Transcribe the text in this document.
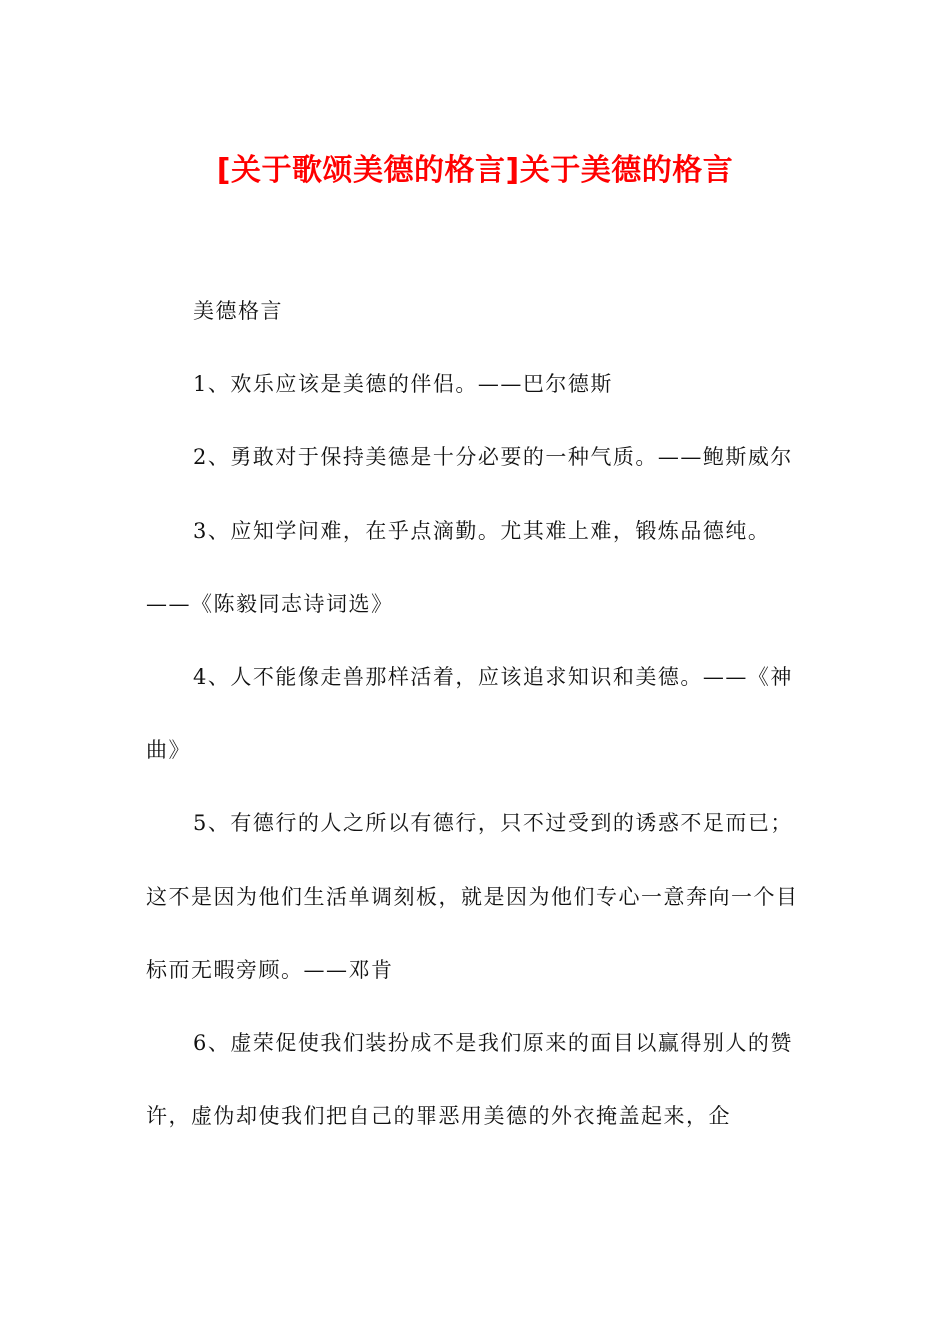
[关于歌颂美德的格言]关于美德的格言

美德格言

1、欢乐应该是美德的伴侣。——巴尔德斯

2、勇敢对于保持美德是十分必要的一种气质。——鲍斯威尔

3、应知学问难，在乎点滴勤。尤其难上难，锻炼品德纯。——《陈毅同志诗词选》

4、人不能像走兽那样活着，应该追求知识和美德。——《神曲》

5、有德行的人之所以有德行，只不过受到的诱惑不足而已；这不是因为他们生活单调刻板，就是因为他们专心一意奔向一个目标而无暇旁顾。——邓肯

6、虚荣促使我们装扮成不是我们原来的面目以赢得别人的赞许，虚伪却使我们把自己的罪恶用美德的外衣掩盖起来，企
